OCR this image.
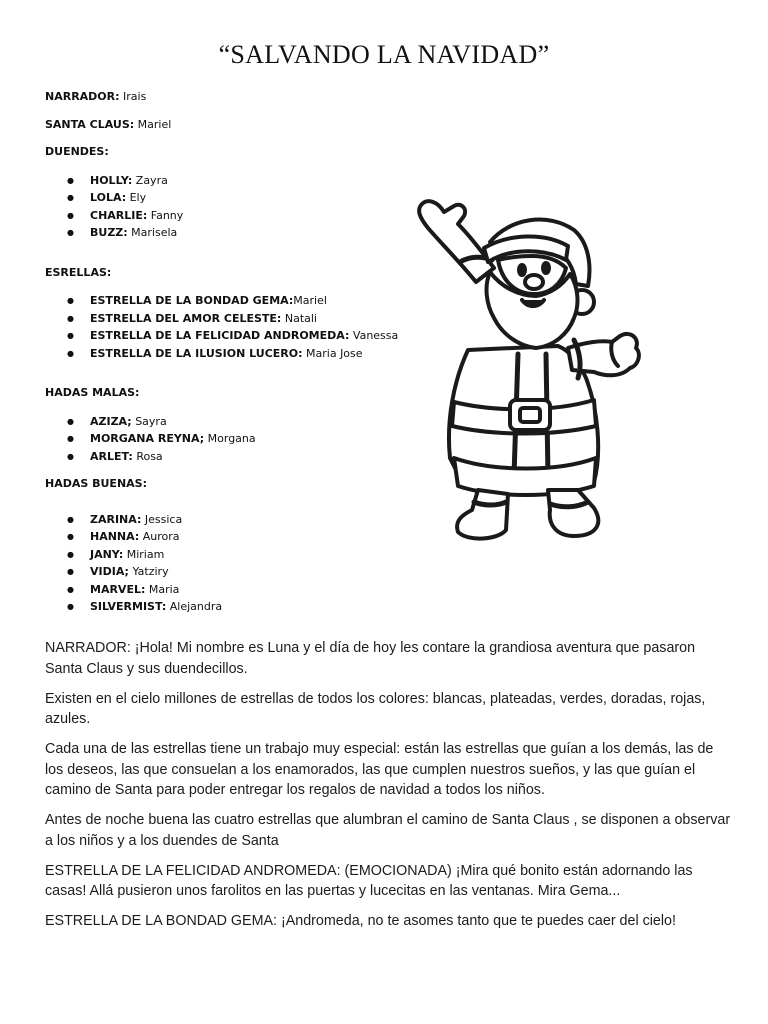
“SALVANDO LA NAVIDAD”

NARRADOR: Irais

SANTA CLAUS: Mariel

DUENDES:

● HOLLY: Zayra
● LOLA: Ely
● CHARLIE: Fanny
● BUZZ: Marisela

ESRELLAS:

● ESTRELLA DE LA BONDAD GEMA:Mariel
● ESTRELLA DEL AMOR CELESTE: Natali
● ESTRELLA DE LA FELICIDAD ANDROMEDA: Vanessa
● ESTRELLA DE LA ILUSION LUCERO: Maria Jose

HADAS MALAS:

● AZIZA; Sayra
● MORGANA REYNA; Morgana
● ARLET: Rosa

HADAS BUENAS:

● ZARINA: Jessica
● HANNA: Aurora
● JANY: Miriam
● VIDIA; Yatziry
● MARVEL: Maria
● SILVERMIST: Alejandra

NARRADOR: ¡Hola! Mi nombre es Luna y el día de hoy les contare la grandiosa aventura que pasaron Santa Claus y sus duendecillos.

Existen en el cielo millones de estrellas de todos los colores: blancas, plateadas, verdes, doradas, rojas, azules.

Cada una de las estrellas tiene un trabajo muy especial: están las estrellas que guían a los demás, las de los deseos, las que consuelan a los enamorados, las que cumplen nuestros sueños, y las que guían el camino de Santa para poder entregar los regalos de navidad a todos los niños.

Antes de noche buena las cuatro estrellas que alumbran el camino de Santa Claus , se disponen a observar a los niños y a los duendes de Santa

ESTRELLA DE LA FELICIDAD ANDROMEDA: (EMOCIONADA) ¡Mira qué bonito están adornando las casas! Allá pusieron unos farolitos en las puertas y lucecitas en las ventanas. Mira Gema...

ESTRELLA DE LA BONDAD GEMA: ¡Andromeda, no te asomes tanto que te puedes caer del cielo!
